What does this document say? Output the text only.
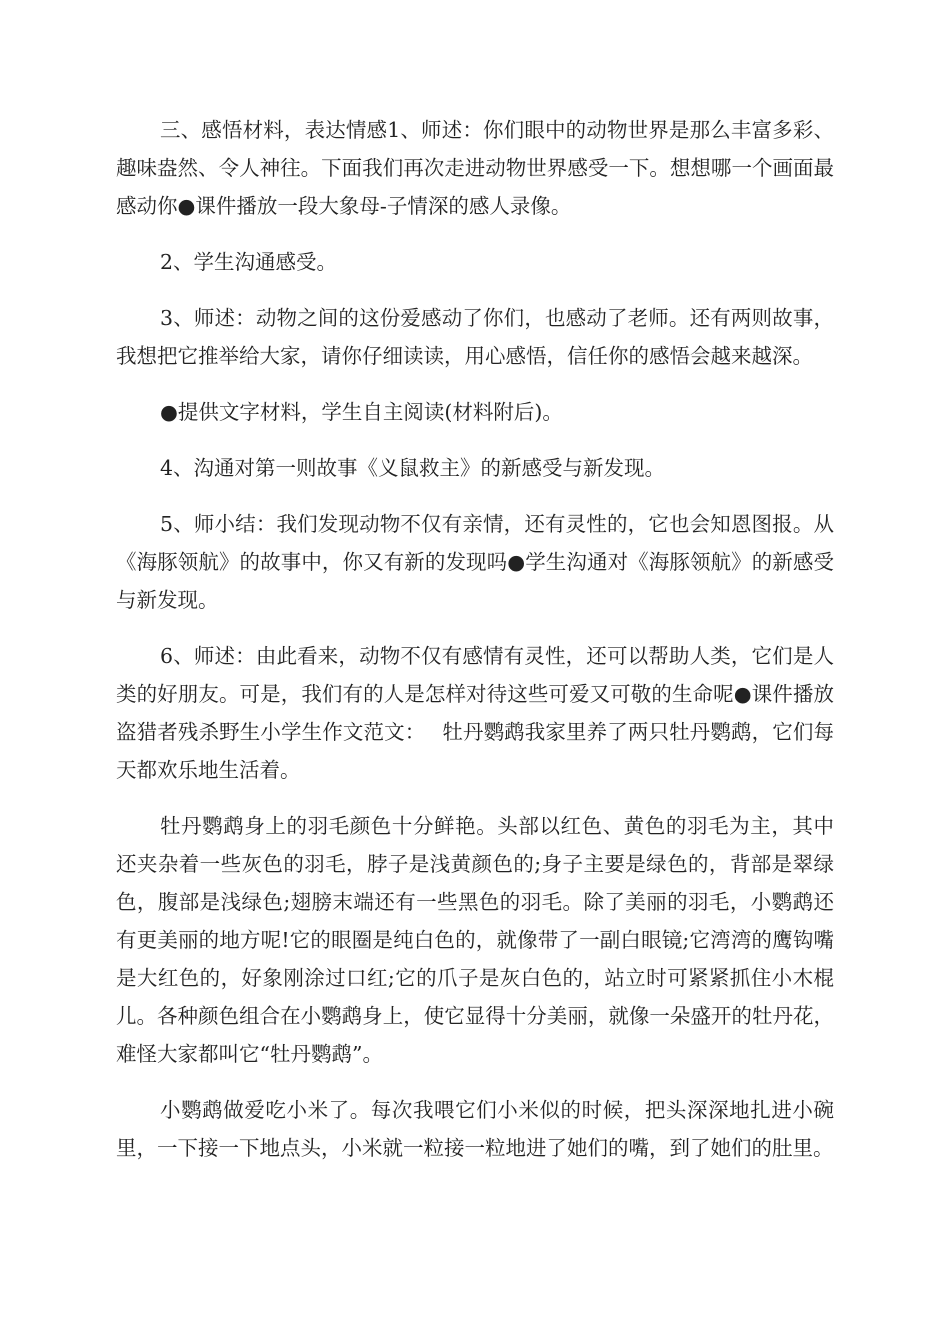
三、感悟材料，表达情感1、师述：你们眼中的动物世界是那么丰富多彩、趣味盎然、令人神往。下面我们再次走进动物世界感受一下。想想哪一个画面最感动你●课件播放一段大象母-子情深的感人录像。

2、学生沟通感受。

3、师述：动物之间的这份爱感动了你们，也感动了老师。还有两则故事，我想把它推举给大家，请你仔细读读，用心感悟，信任你的感悟会越来越深。

●提供文字材料，学生自主阅读(材料附后)。

4、沟通对第一则故事《义鼠救主》的新感受与新发现。

5、师小结：我们发现动物不仅有亲情，还有灵性的，它也会知恩图报。从《海豚领航》的故事中，你又有新的发现吗●学生沟通对《海豚领航》的新感受与新发现。

6、师述：由此看来，动物不仅有感情有灵性，还可以帮助人类，它们是人类的好朋友。可是，我们有的人是怎样对待这些可爱又可敬的生命呢●课件播放盗猎者残杀野生小学生作文范文：　 牡丹鹦鹉我家里养了两只牡丹鹦鹉，它们每天都欢乐地生活着。

牡丹鹦鹉身上的羽毛颜色十分鲜艳。头部以红色、黄色的羽毛为主，其中还夹杂着一些灰色的羽毛，脖子是浅黄颜色的;身子主要是绿色的，背部是翠绿色，腹部是浅绿色;翅膀末端还有一些黑色的羽毛。除了美丽的羽毛，小鹦鹉还有更美丽的地方呢!它的眼圈是纯白色的，就像带了一副白眼镜;它湾湾的鹰钩嘴是大红色的，好象刚涂过口红;它的爪子是灰白色的，站立时可紧紧抓住小木棍儿。各种颜色组合在小鹦鹉身上，使它显得十分美丽，就像一朵盛开的牡丹花，难怪大家都叫它“牡丹鹦鹉”。

小鹦鹉做爱吃小米了。每次我喂它们小米似的时候，把头深深地扎进小碗里，一下接一下地点头，小米就一粒接一粒地进了她们的嘴，到了她们的肚里。
